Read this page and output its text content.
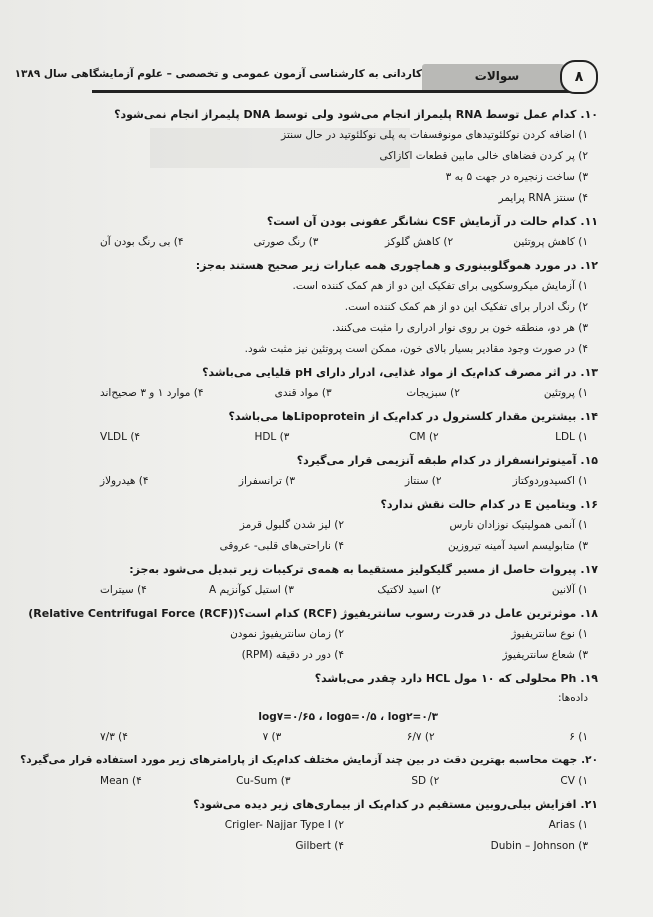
کاردانی به کارشناسی آزمون عمومی و تخصصی – علوم آزمایشگاهی سال ۱۳۸۹	سوالات	۸
۱۰.کدام عمل توسط RNA پلیمراز انجام می‌شود ولی توسط DNA پلیمراز انجام نمی‌شود؟
۱) اضافه کردن نوکلئوتیدهای مونوفسفات به پلی نوکلئوتید در حال سنتز
۲) پر کردن فضاهای خالی مابین قطعات اکازاکی
۳) ساخت زنجیره در جهت ۵ به ۳
۴) سنتز RNA پرایمر
۱۱.کدام حالت در آزمایش CSF نشانگر عفونی بودن آن است؟
۱) کاهش پروتئین
۲) کاهش گلوکز
۳) رنگ صورتی
۴) بی رنگ بودن آن
۱۲.در مورد هموگلوبینوری و هماچوری همه عبارات زیر صحیح هستند به‌جز:
۱) آزمایش میکروسکوپی برای تفکیک این دو از هم کمک کننده است.
۲) رنگ ادرار برای تفکیک این دو از هم کمک کننده است.
۳) هر دو، منطقه خون بر روی نوار ادراری را مثبت می‌کنند.
۴) در صورت وجود مقادیر بسیار بالای خون، ممکن است پروتئین نیز مثبت شود.
۱۳.در اثر مصرف کدام‌یک از مواد غذایی، ادرار دارای pH قلیایی می‌باشد؟
۱) پروتئین
۲) سبزیجات
۳) مواد قندی
۴) موارد ۱ و ۳ صحیح‌اند
۱۴.بیشترین مقدار کلسترول در کدام‌یک از Lipoproteinها می‌باشد؟
۱) LDL
۲) CM
۳) HDL
۴) VLDL
۱۵.آمینوترانسفراز در کدام طبقه آنزیمی قرار می‌گیرد؟
۱) اکسیدوردوکتاز
۲) سنتاز
۳) ترانسفراز
۴) هیدرولاز
۱۶.ویتامین E در کدام حالت نقش ندارد؟
۱) آنمی همولیتیک نوزادان نارس
۲) لیز شدن گلبول قرمز
۳) متابولیسم اسید آمینه تیروزین
۴) ناراحتی‌های قلبی- عروقی
۱۷.پیروات حاصل از مسیر گلیکولیز مستقیما به همه‌ی ترکیبات زیر تبدیل می‌شود به‌جز:
۱) آلانین
۲) اسید لاکتیک
۳) استیل کوآنزیم A
۴) سیترات
۱۸.موثرترین عامل در قدرت رسوب سانتریفیوژ (RCF) کدام است؟
(Relative Centrifugal Force (RCF))
۱) نوع سانتریفیوژ
۲) زمان سانتریفیوژ نمودن
۳) شعاع سانتریفیوژ
۴) دور در دقیقه (RPM)
۱۹.Ph محلولی که ۱۰ مول HCL دارد چقدر می‌باشد؟
داده‌ها:
log۷=۰/۶۵ ، log۵=۰/۵ ، log۲=۰/۳
۱) ۶
۲) ۶/۷
۳) ۷
۴) ۷/۳
۲۰.جهت محاسبه بهترین دقت در بین چند آزمایش مختلف کدام‌یک از پارامترهای زیر مورد استفاده قرار می‌گیرد؟
۱) CV
۲) SD
۳) Cu-Sum
۴) Mean
۲۱.افزایش بیلی‌روبین مستقیم در کدام‌یک از بیماری‌های زیر دیده می‌شود؟
۱) Arias
۲) Crigler- Najjar Type I
۳) Dubin – Johnson
۴) Gilbert
